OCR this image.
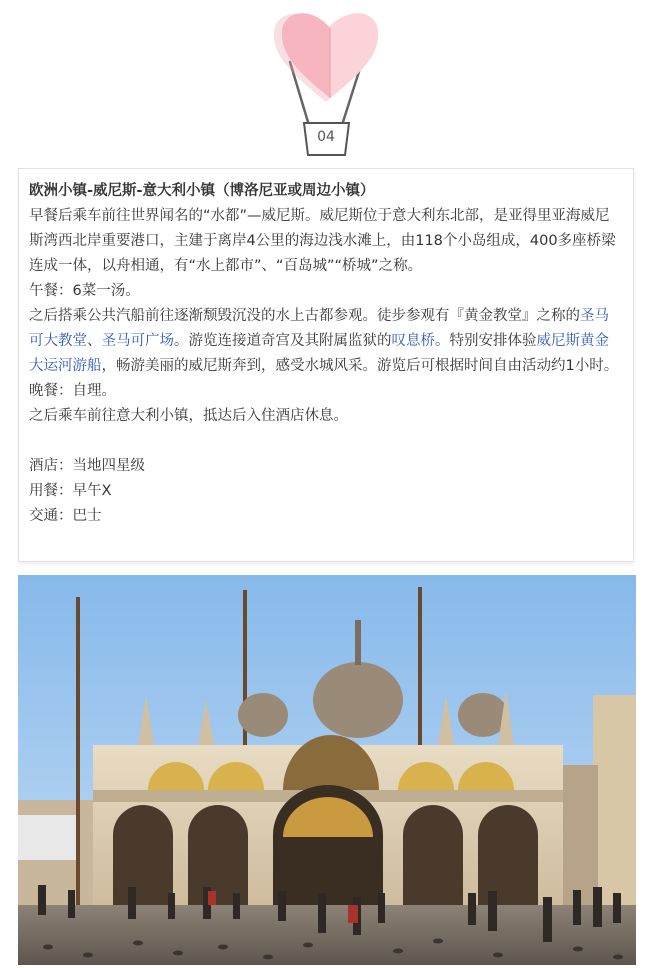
04

欧洲小镇-威尼斯-意大利小镇（博洛尼亚或周边小镇）

早餐后乘车前往世界闻名的“水都”—威尼斯。威尼斯位于意大利东北部，是亚得里亚海威尼斯湾西北岸重要港口，主建于离岸4公里的海边浅水滩上，由118个小岛组成，400多座桥梁连成一体，以舟相通，有“水上都市”、“百岛城”“桥城”之称。

午餐：6菜一汤。

之后搭乘公共汽船前往逐渐颓毁沉没的水上古都参观。徒步参观有『黄金教堂』之称的圣马可大教堂、圣马可广场。游览连接道奇宫及其附属监狱的叹息桥。特别安排体验威尼斯黄金大运河游船，畅游美丽的威尼斯奔到，感受水城风采。游览后可根据时间自由活动约1小时。

晚餐：自理。

之后乘车前往意大利小镇，抵达后入住酒店休息。

酒店：当地四星级

用餐：早午X

交通：巴士
